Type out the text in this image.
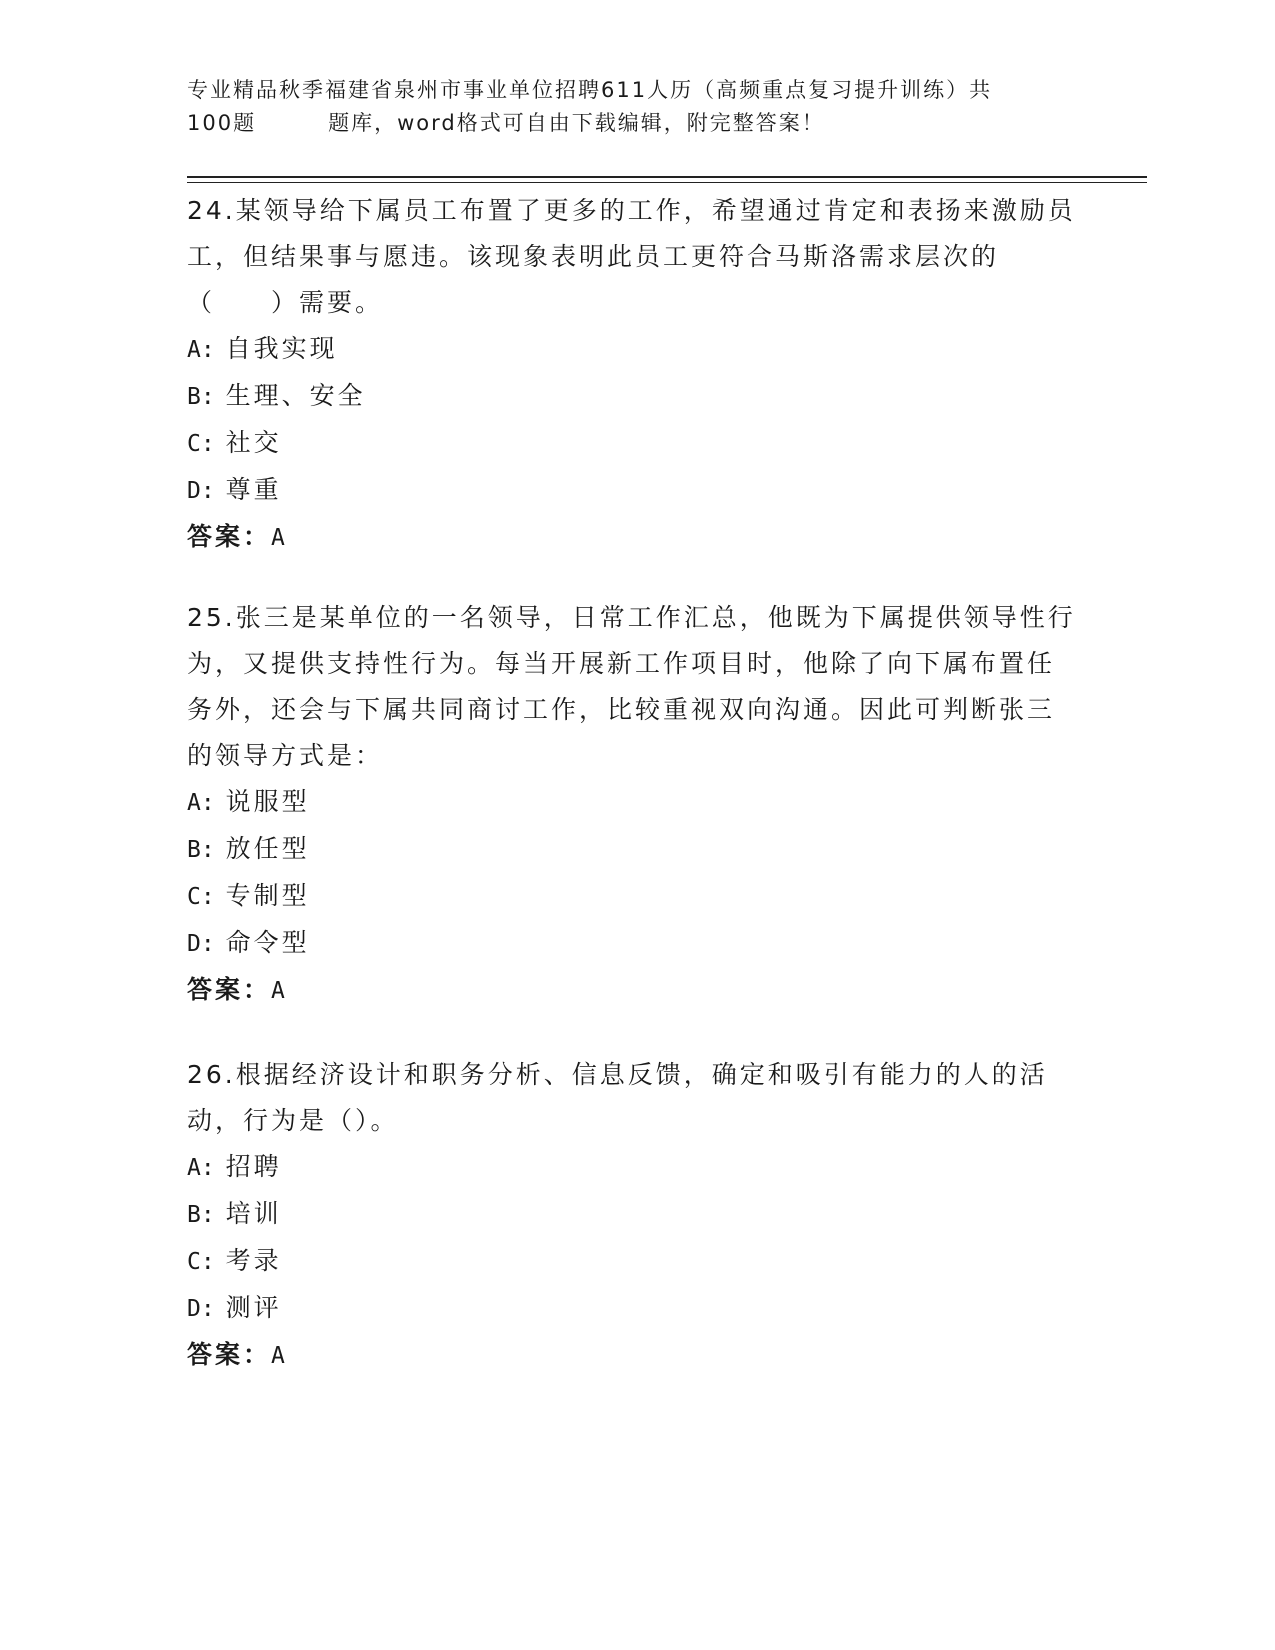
专业精品秋季福建省泉州市事业单位招聘611人历（高频重点复习提升训练）共
100题	题库，word格式可自由下载编辑，附完整答案！

24.某领导给下属员工布置了更多的工作，希望通过肯定和表扬来激励员工，但结果事与愿违。该现象表明此员工更符合马斯洛需求层次的（　　）需要。

A: 自我实现

B: 生理、安全

C: 社交

D: 尊重

答案：A

25.张三是某单位的一名领导，日常工作汇总，他既为下属提供领导性行为，又提供支持性行为。每当开展新工作项目时，他除了向下属布置任务外，还会与下属共同商讨工作，比较重视双向沟通。因此可判断张三的领导方式是：

A: 说服型

B: 放任型

C: 专制型

D: 命令型

答案：A

26.根据经济设计和职务分析、信息反馈，确定和吸引有能力的人的活动，行为是（）。

A: 招聘

B: 培训

C: 考录

D: 测评

答案：A
